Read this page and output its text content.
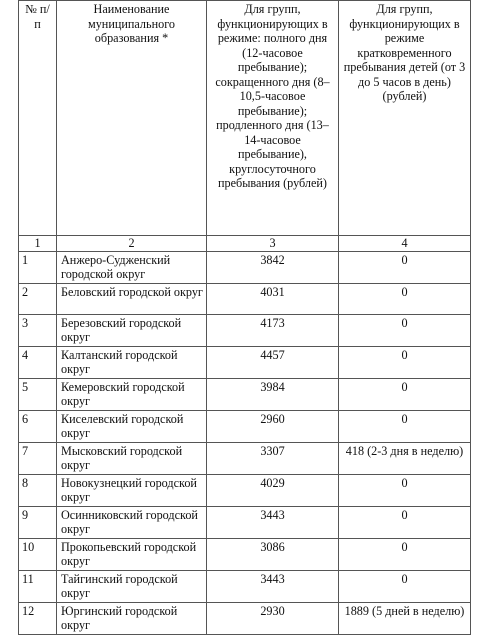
№ п/п	Наименование муниципального образования *	Для групп, функционирующих в режиме: полного дня (12-часовое пребывание); сокращенного дня (8–10,5-часовое пребывание); продленного дня (13–14-часовое пребывание), круглосуточного пребывания (рублей)	Для групп, функционирующих в режиме кратковременного пребывания детей (от 3 до 5 часов в день) (рублей)
1	2	3	4
1	Анжеро-Судженский городской округ	3842	0
2	Беловский городской округ	4031	0
3	Березовский городской округ	4173	0
4	Калтанский городской округ	4457	0
5	Кемеровский городской округ	3984	0
6	Киселевский городской округ	2960	0
7	Мысковский городской округ	3307	418 (2-3 дня в неделю)
8	Новокузнецкий городской округ	4029	0
9	Осинниковский городской округ	3443	0
10	Прокопьевский городской округ	3086	0
11	Тайгинский городской округ	3443	0
12	Юргинский городской округ	2930	1889 (5 дней в неделю)
